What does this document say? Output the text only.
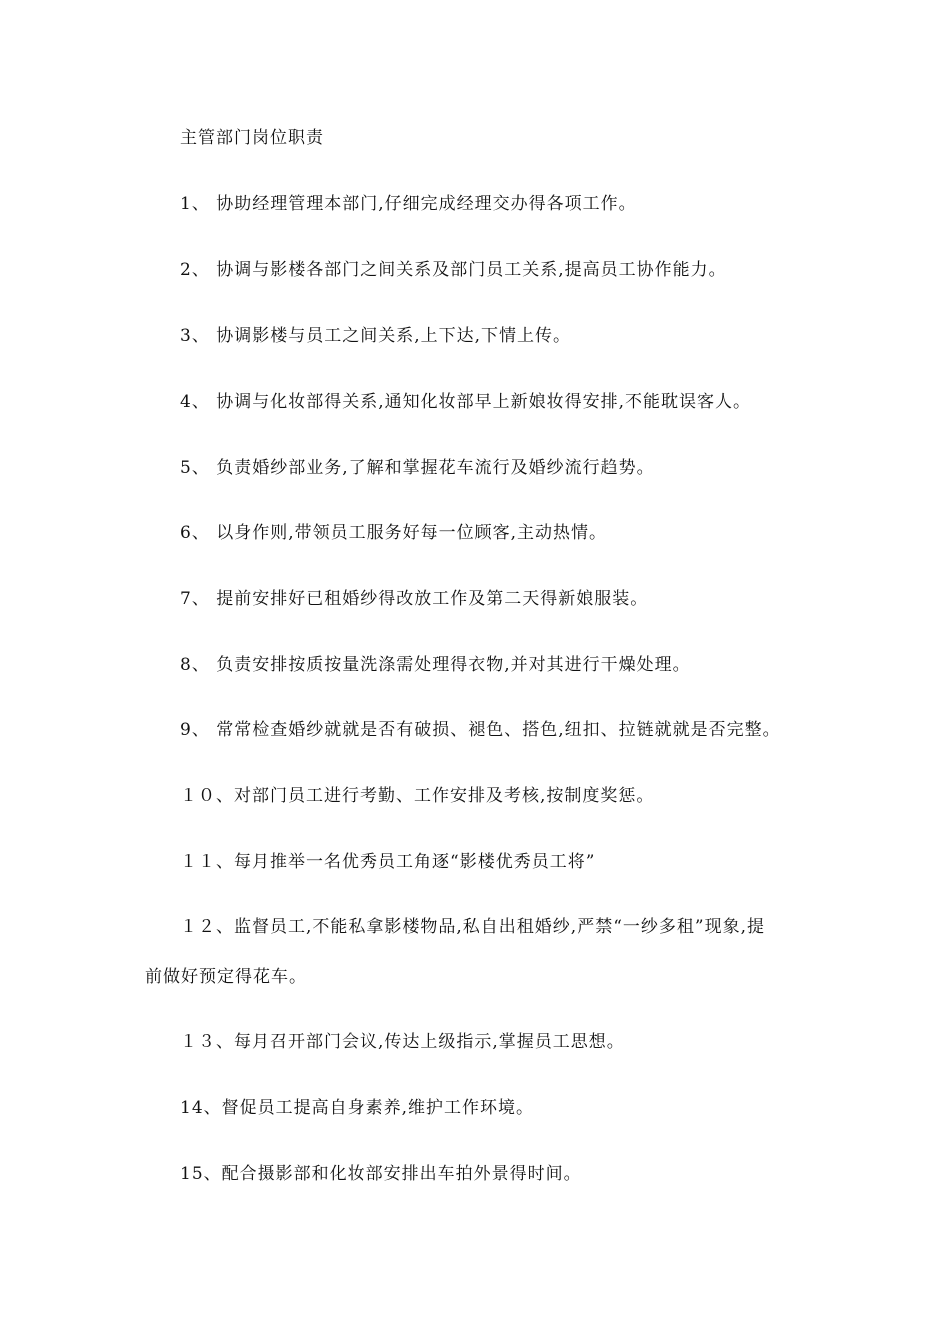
主管部门岗位职责
1、 协助经理管理本部门,仔细完成经理交办得各项工作。
2、 协调与影楼各部门之间关系及部门员工关系,提高员工协作能力。
3、 协调影楼与员工之间关系,上下达,下情上传。
4、 协调与化妆部得关系,通知化妆部早上新娘妆得安排,不能耽误客人。
5、 负责婚纱部业务,了解和掌握花车流行及婚纱流行趋势。
6、 以身作则,带领员工服务好每一位顾客,主动热情。
7、 提前安排好已租婚纱得改放工作及第二天得新娘服装。
8、 负责安排按质按量洗涤需处理得衣物,并对其进行干燥处理。
9、 常常检查婚纱就就是否有破损、褪色、搭色,纽扣、拉链就就是否完整。
１０、对部门员工进行考勤、工作安排及考核,按制度奖惩。
１１、每月推举一名优秀员工角逐“影楼优秀员工将”
１２、监督员工,不能私拿影楼物品,私自出租婚纱,严禁“一纱多租”现象,提
前做好预定得花车。
１３、每月召开部门会议,传达上级指示,掌握员工思想。
14、督促员工提高自身素养,维护工作环境。
15、配合摄影部和化妆部安排出车拍外景得时间。
